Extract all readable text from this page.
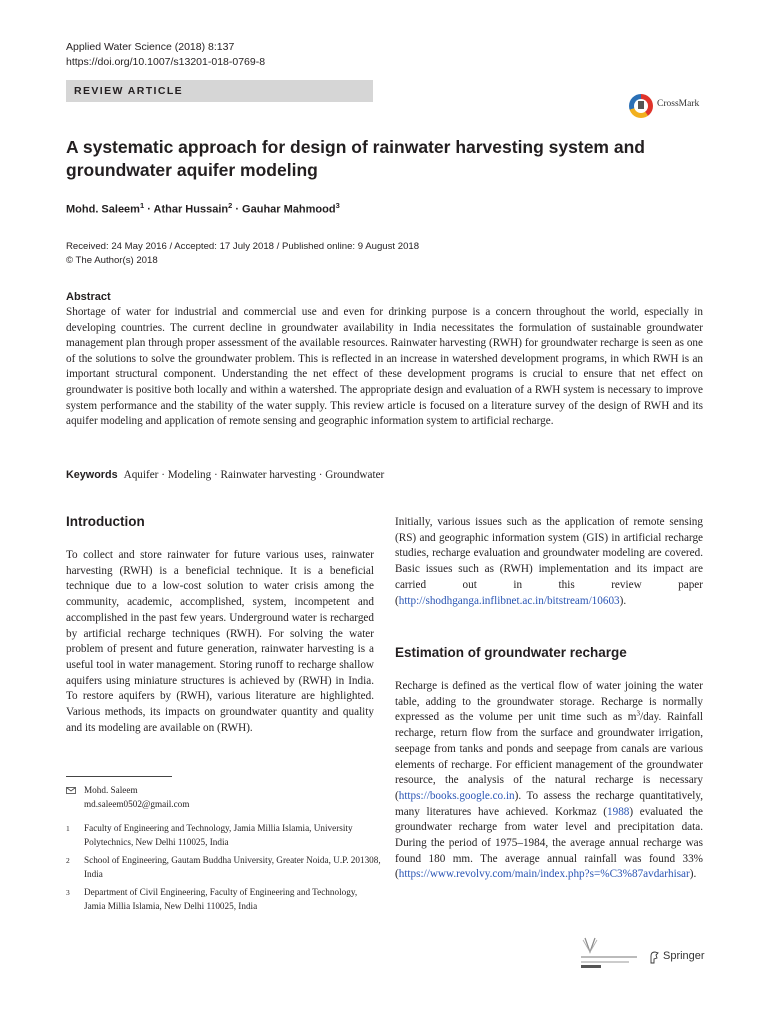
Applied Water Science (2018) 8:137
https://doi.org/10.1007/s13201-018-0769-8
REVIEW ARTICLE
CrossMark
A systematic approach for design of rainwater harvesting system and groundwater aquifer modeling
Mohd. Saleem$^1$ · Athar Hussain$^2$ · Gauhar Mahmood$^3$
Received: 24 May 2016 / Accepted: 17 July 2018 / Published online: 9 August 2018
© The Author(s) 2018
Abstract

Shortage of water for industrial and commercial use and even for drinking purpose is a concern throughout the world, especially in developing countries. The current decline in groundwater availability in India necessitates the formulation of sustainable groundwater management plan through proper assessment of the available resources. Rainwater harvesting (RWH) for groundwater recharge is seen as one of the solutions to solve the groundwater problem. This is reflected in an increase in watershed development programs, in which RWH is an important structural component. Understanding the net effect of these development programs is crucial to ensure that net effect on groundwater is positive both locally and within a watershed. The appropriate design and evaluation of a RWH system is necessary to improve system performance and the stability of the water supply. This review article is focused on a literature survey of the design of RWH and its aquifer modeling and application of remote sensing and geographic information system to artificial recharge.

Keywords Aquifer · Modeling · Rainwater harvesting · Groundwater
Introduction

To collect and store rainwater for future various uses, rainwater harvesting (RWH) is a beneficial technique. It is a beneficial technique due to a low-cost solution to water crisis among the community, academic, accomplished, system, incompetent and accomplished in the past few years. Underground water is recharged by artificial recharge techniques (RWH). For solving the water problem of present and future generation, rainwater harvesting is a useful tool in water management. Storing runoff to recharge shallow aquifers using miniature structures is achieved by (RWH) in India. To restore aquifers by (RWH), various literature are highlighted. Various methods, its impacts on groundwater quantity and quality and its modeling are available on (RWH).

Mohd. Saleem
md.saleem0502@gmail.com
1 Faculty of Engineering and Technology, Jamia Millia Islamia, University Polytechnics, New Delhi 110025, India
2 School of Engineering, Gautam Buddha University, Greater Noida, U.P. 201308, India
3 Department of Civil Engineering, Faculty of Engineering and Technology, Jamia Millia Islamia, New Delhi 110025, India

Initially, various issues such as the application of remote sensing (RS) and geographic information system (GIS) in artificial recharge studies, recharge evaluation and groundwater modeling are covered. Basic issues such as (RWH) implementation and its impact are carried out in this review paper (http://shodhganga.inflibnet.ac.in/bitstream/10603).

Estimation of groundwater recharge

Recharge is defined as the vertical flow of water joining the water table, adding to the groundwater storage. Recharge is normally expressed as the volume per unit time such as $m^3$/day. Rainfall recharge, return flow from the surface and groundwater irrigation, seepage from tanks and ponds and seepage from canals are various elements of recharge. For efficient management of the groundwater resource, the analysis of the natural recharge is necessary (https://books.google.co.in). To assess the recharge quantitatively, many literatures have achieved. Korkmaz (1988) evaluated the groundwater recharge from water level and precipitation data. During the period of 1975–1984, the average annual recharge was found 180 mm. The average annual rainfall was found 33% (https://www.revolvy.com/main/index.php?s=%C3%87avdarhisar).

Springer
